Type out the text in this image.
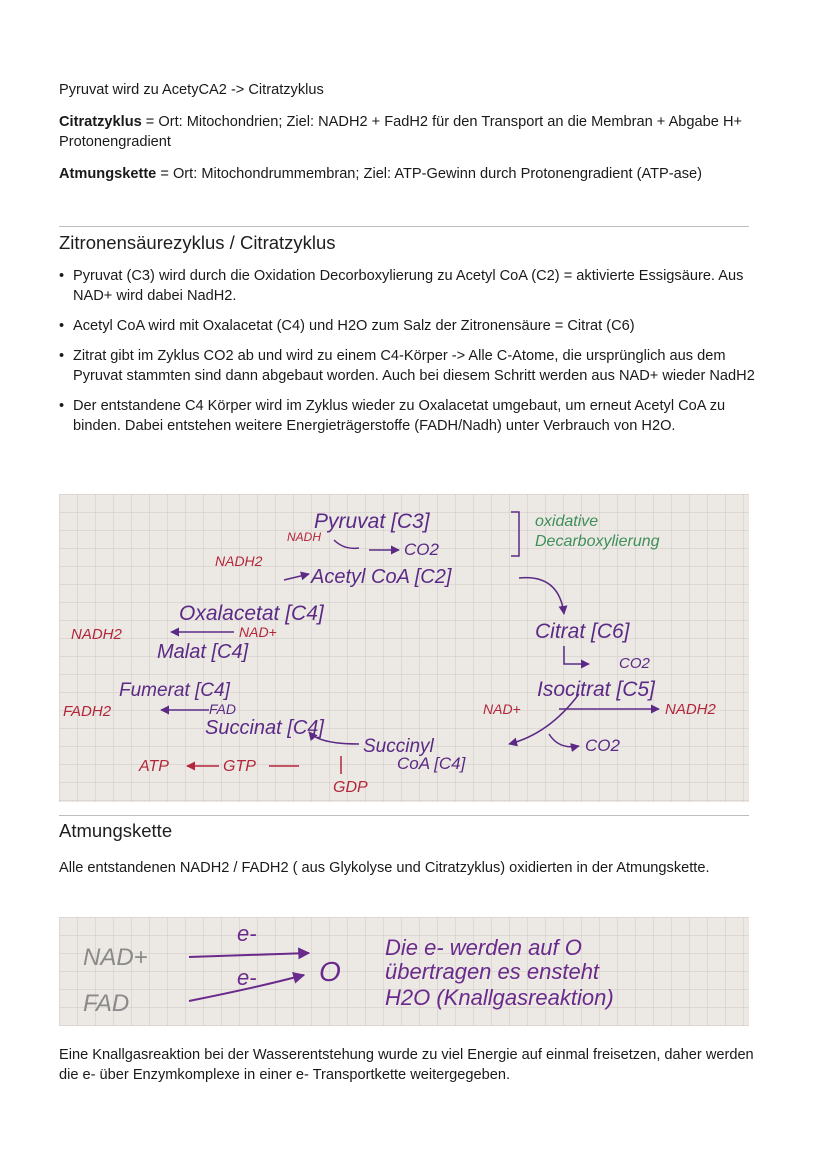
Pyruvat wird zu AcetyCA2 -> Citratzyklus

Citratzyklus = Ort: Mitochondrien; Ziel: NADH2 + FadH2 für den Transport an die Membran + Abgabe H+ Protonengradient

Atmungskette = Ort: Mitochondrummembran; Ziel: ATP-Gewinn durch Protonengradient (ATP-ase)

Zitronensäurezyklus / Citratzyklus
• Pyruvat (C3) wird durch die Oxidation Decorboxylierung zu Acetyl CoA (C2) = aktivierte Essigsäure. Aus NAD+ wird dabei NadH2.
• Acetyl CoA wird mit Oxalacetat (C4) und H2O zum Salz der Zitronensäure = Citrat (C6)
• Zitrat gibt im Zyklus CO2 ab und wird zu einem C4-Körper -> Alle C-Atome, die ursprünglich aus dem Pyruvat stammten sind dann abgebaut worden. Auch bei diesem Schritt werden aus NAD+ wieder NadH2
• Der entstandene C4 Körper wird im Zyklus wieder zu Oxalacetat umgebaut, um erneut Acetyl CoA zu binden. Dabei entstehen weitere Energieträgerstoffe (FADH/Nadh) unter Verbrauch von H2O.
Pyruvat [C3]
NADH
CO2
oxidative
Decarboxylierung
NADH2
Acetyl CoA [C2]
Oxalacetat [C4]
NADH2	NAD+
Malat [C4]
Citrat [C6]
CO2
Fumerat [C4]	Isocitrat [C5]
FADH2	FAD
Succinat [C4]
NAD+	NADH2
Succinyl
CoA [C4]
CO2
ATP	GTP
GDP
Atmungskette

Alle entstandenen NADH2 / FADH2 ( aus Glykolyse und Citratzyklus) oxidierten in der Atmungskette.

NAD+
FAD
e-
e- O
Die e- werden auf O
übertragen es ensteht
H2O (Knallgasreaktion)

Eine Knallgasreaktion bei der Wasserentstehung wurde zu viel Energie auf einmal freisetzen, daher werden die e- über Enzymkomplexe in einer e- Transportkette weitergegeben.
